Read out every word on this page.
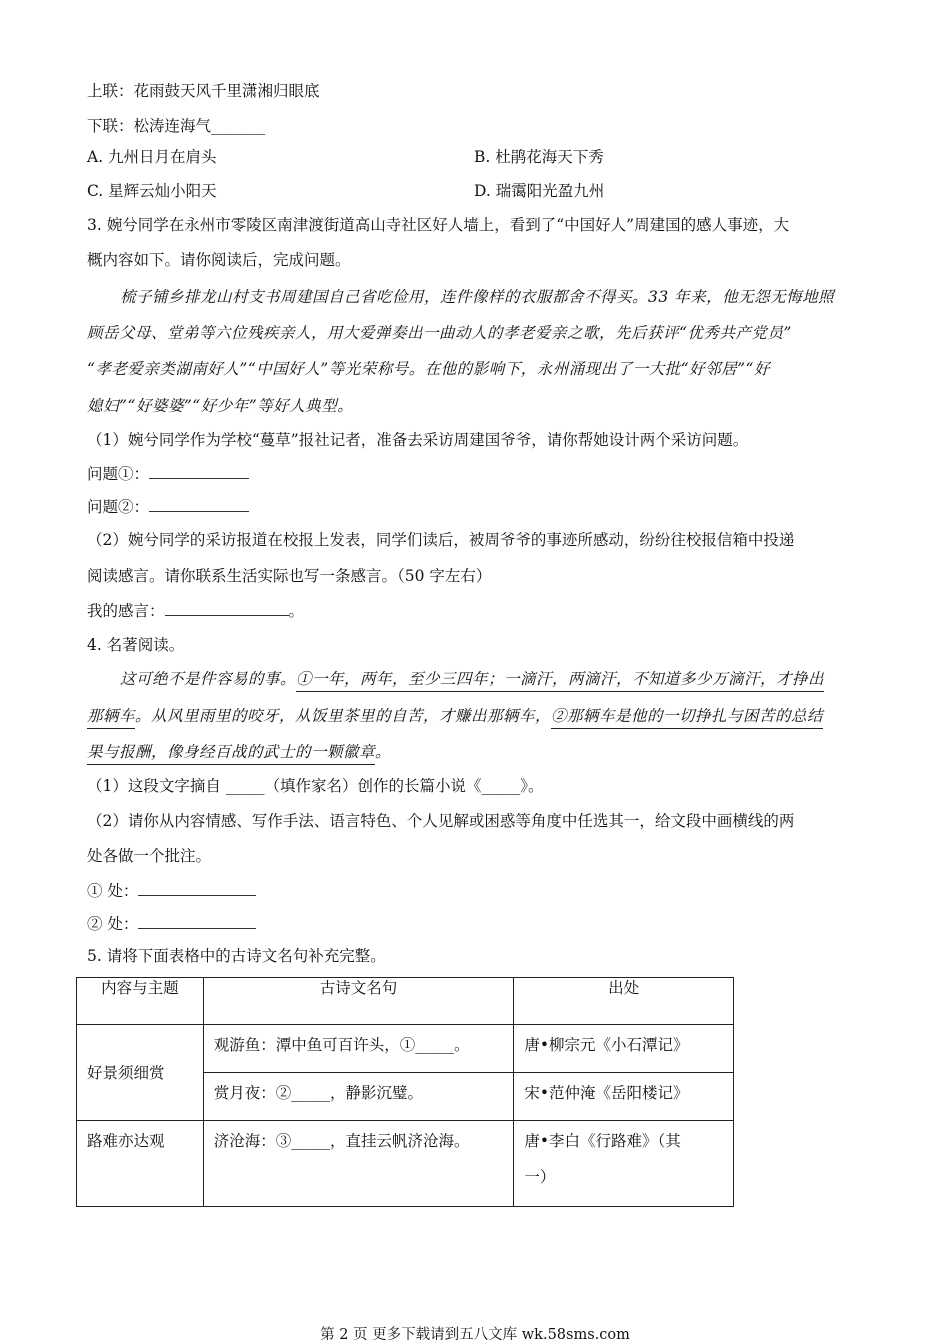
上联：花雨鼓天风千里潇湘归眼底
下联：松涛连海气_______
A. 九州日月在肩头	B. 杜鹃花海天下秀
C. 星辉云灿小阳天	D. 瑞霭阳光盈九州
3. 婉兮同学在永州市零陵区南津渡街道高山寺社区好人墙上，看到了“中国好人”周建国的感人事迹，大
概内容如下。请你阅读后，完成问题。
梳子铺乡排龙山村支书周建国自己省吃俭用，连件像样的衣服都舍不得买。33 年来，他无怨无悔地照
顾岳父母、堂弟等六位残疾亲人，用大爱弹奏出一曲动人的孝老爱亲之歌，先后获评“优秀共产党员”
“孝老爱亲类湖南好人”“中国好人”等光荣称号。在他的影响下，永州涌现出了一大批“好邻居”“好
媳妇”“好婆婆”“好少年”等好人典型。
（1）婉兮同学作为学校“蔓草”报社记者，准备去采访周建国爷爷，请你帮她设计两个采访问题。
问题①：
问题②：
（2）婉兮同学的采访报道在校报上发表，同学们读后，被周爷爷的事迹所感动，纷纷往校报信箱中投递
阅读感言。请你联系生活实际也写一条感言。（50 字左右）
我的感言：	。
4. 名著阅读。
这可绝不是件容易的事。①一年，两年，至少三四年；一滴汗，两滴汗，不知道多少万滴汗，才挣出
那辆车。从风里雨里的咬牙，从饭里茶里的自苦，才赚出那辆车，②那辆车是他的一切挣扎与困苦的总结
果与报酬，像身经百战的武士的一颗徽章。
（1）这段文字摘自 _____（填作家名）创作的长篇小说《_____》。
（2）请你从内容情感、写作手法、语言特色、个人见解或困惑等角度中任选其一，给文段中画横线的两
处各做一个批注。
① 处：
② 处：
5. 请将下面表格中的古诗文名句补充完整。
内容与主题	古诗文名句	出处
好景须细赏	观游鱼：潭中鱼可百许头，①_____。	唐•柳宗元《小石潭记》
	赏月夜：②_____，静影沉璧。	宋•范仲淹《岳阳楼记》
路难亦达观	济沧海：③_____，直挂云帆济沧海。	唐•李白《行路难》（其
一）
第 2 页 更多下载请到五八文库 wk.58sms.com
